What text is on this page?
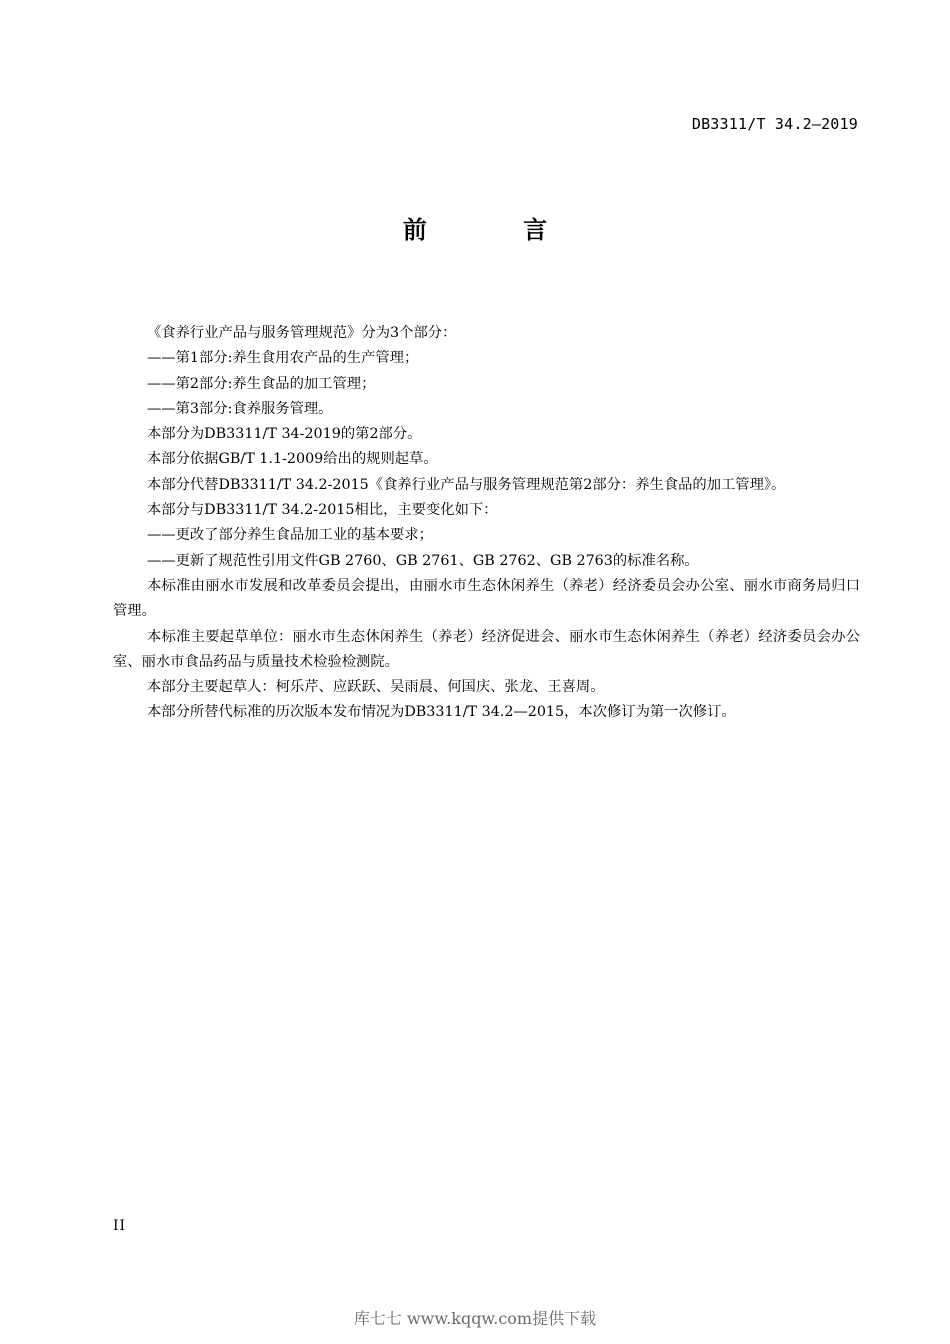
DB3311/T 34.2—2019
前 言

《食养行业产品与服务管理规范》分为3个部分：

——第1部分:养生食用农产品的生产管理；

——第2部分:养生食品的加工管理；

——第3部分:食养服务管理。

本部分为DB3311/T 34-2019的第2部分。

本部分依据GB/T 1.1-2009给出的规则起草。

本部分代替DB3311/T 34.2-2015《食养行业产品与服务管理规范第2部分：养生食品的加工管理》。

本部分与DB3311/T 34.2-2015相比，主要变化如下：

——更改了部分养生食品加工业的基本要求；

——更新了规范性引用文件GB 2760、GB 2761、GB 2762、GB 2763的标准名称。

本标准由丽水市发展和改革委员会提出，由丽水市生态休闲养生（养老）经济委员会办公室、丽水市商务局归口管理。

本标准主要起草单位：丽水市生态休闲养生（养老）经济促进会、丽水市生态休闲养生（养老）经济委员会办公室、丽水市食品药品与质量技术检验检测院。

本部分主要起草人：柯乐芹、应跃跃、吴雨晨、何国庆、张龙、王喜周。

本部分所替代标准的历次版本发布情况为DB3311/T 34.2—2015，本次修订为第一次修订。

II
库七七 www.kqqw.com提供下载
